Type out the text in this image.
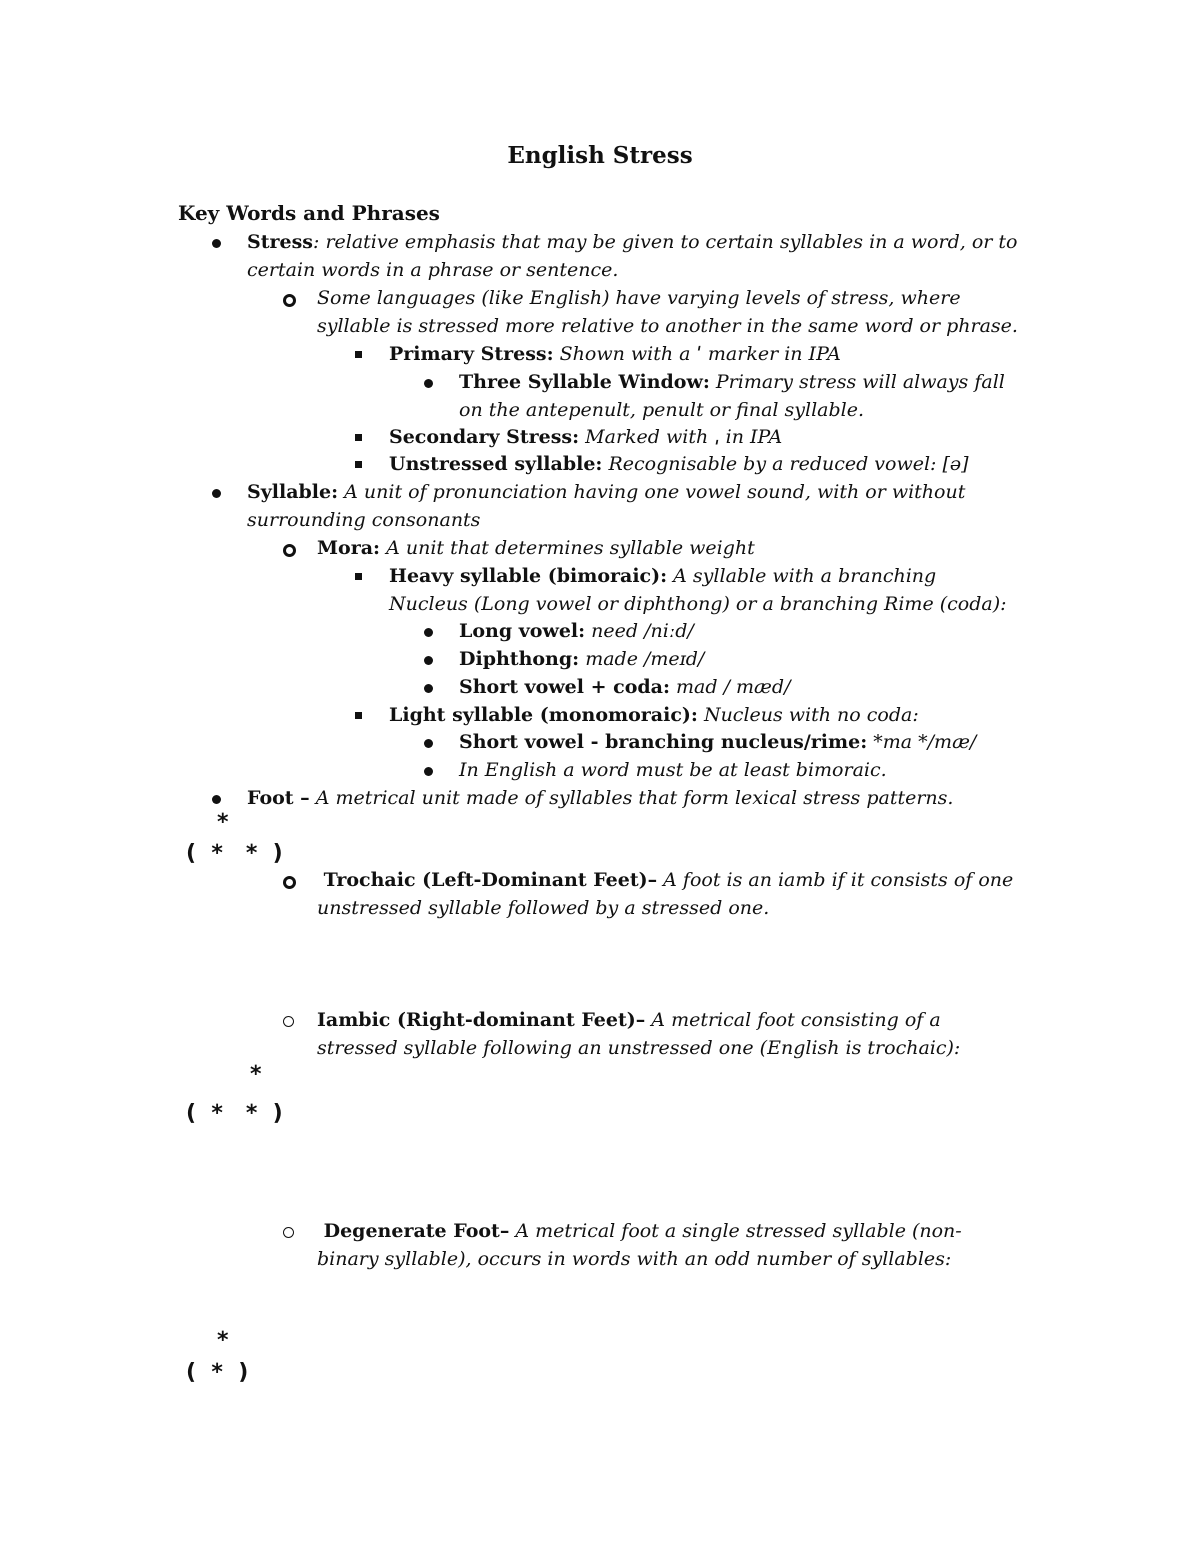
English Stress
Key Words and Phrases
Stress: relative emphasis that may be given to certain syllables in a word, or to
certain words in a phrase or sentence.
Some languages (like English) have varying levels of stress, where
syllable is stressed more relative to another in the same word or phrase.
Primary Stress: Shown with a ˈ marker in IPA
Three Syllable Window: Primary stress will always fall
on the antepenult, penult or final syllable.
Secondary Stress: Marked with ˌ in IPA
Unstressed syllable: Recognisable by a reduced vowel: [ə]
Syllable: A unit of pronunciation having one vowel sound, with or without
surrounding consonants
Mora: A unit that determines syllable weight
Heavy syllable (bimoraic): A syllable with a branching
Nucleus (Long vowel or diphthong) or a branching Rime (coda):
Long vowel: need /niːd/
Diphthong: made /meɪd/
Short vowel + coda: mad / mæd/
Light syllable (monomoraic): Nucleus with no coda:
Short vowel - branching nucleus/rime: *ma */mæ/
In English a word must be at least bimoraic.
Foot – A metrical unit made of syllables that form lexical stress patterns.
*
(  *   *  )
Trochaic (Left-Dominant Feet)– A foot is an iamb if it consists of one
unstressed syllable followed by a stressed one.
Iambic (Right-dominant Feet)– A metrical foot consisting of a
stressed syllable following an unstressed one (English is trochaic):
*
(  *   *  )
Degenerate Foot– A metrical foot a single stressed syllable (non-
binary syllable), occurs in words with an odd number of syllables:
*
(  *  )
